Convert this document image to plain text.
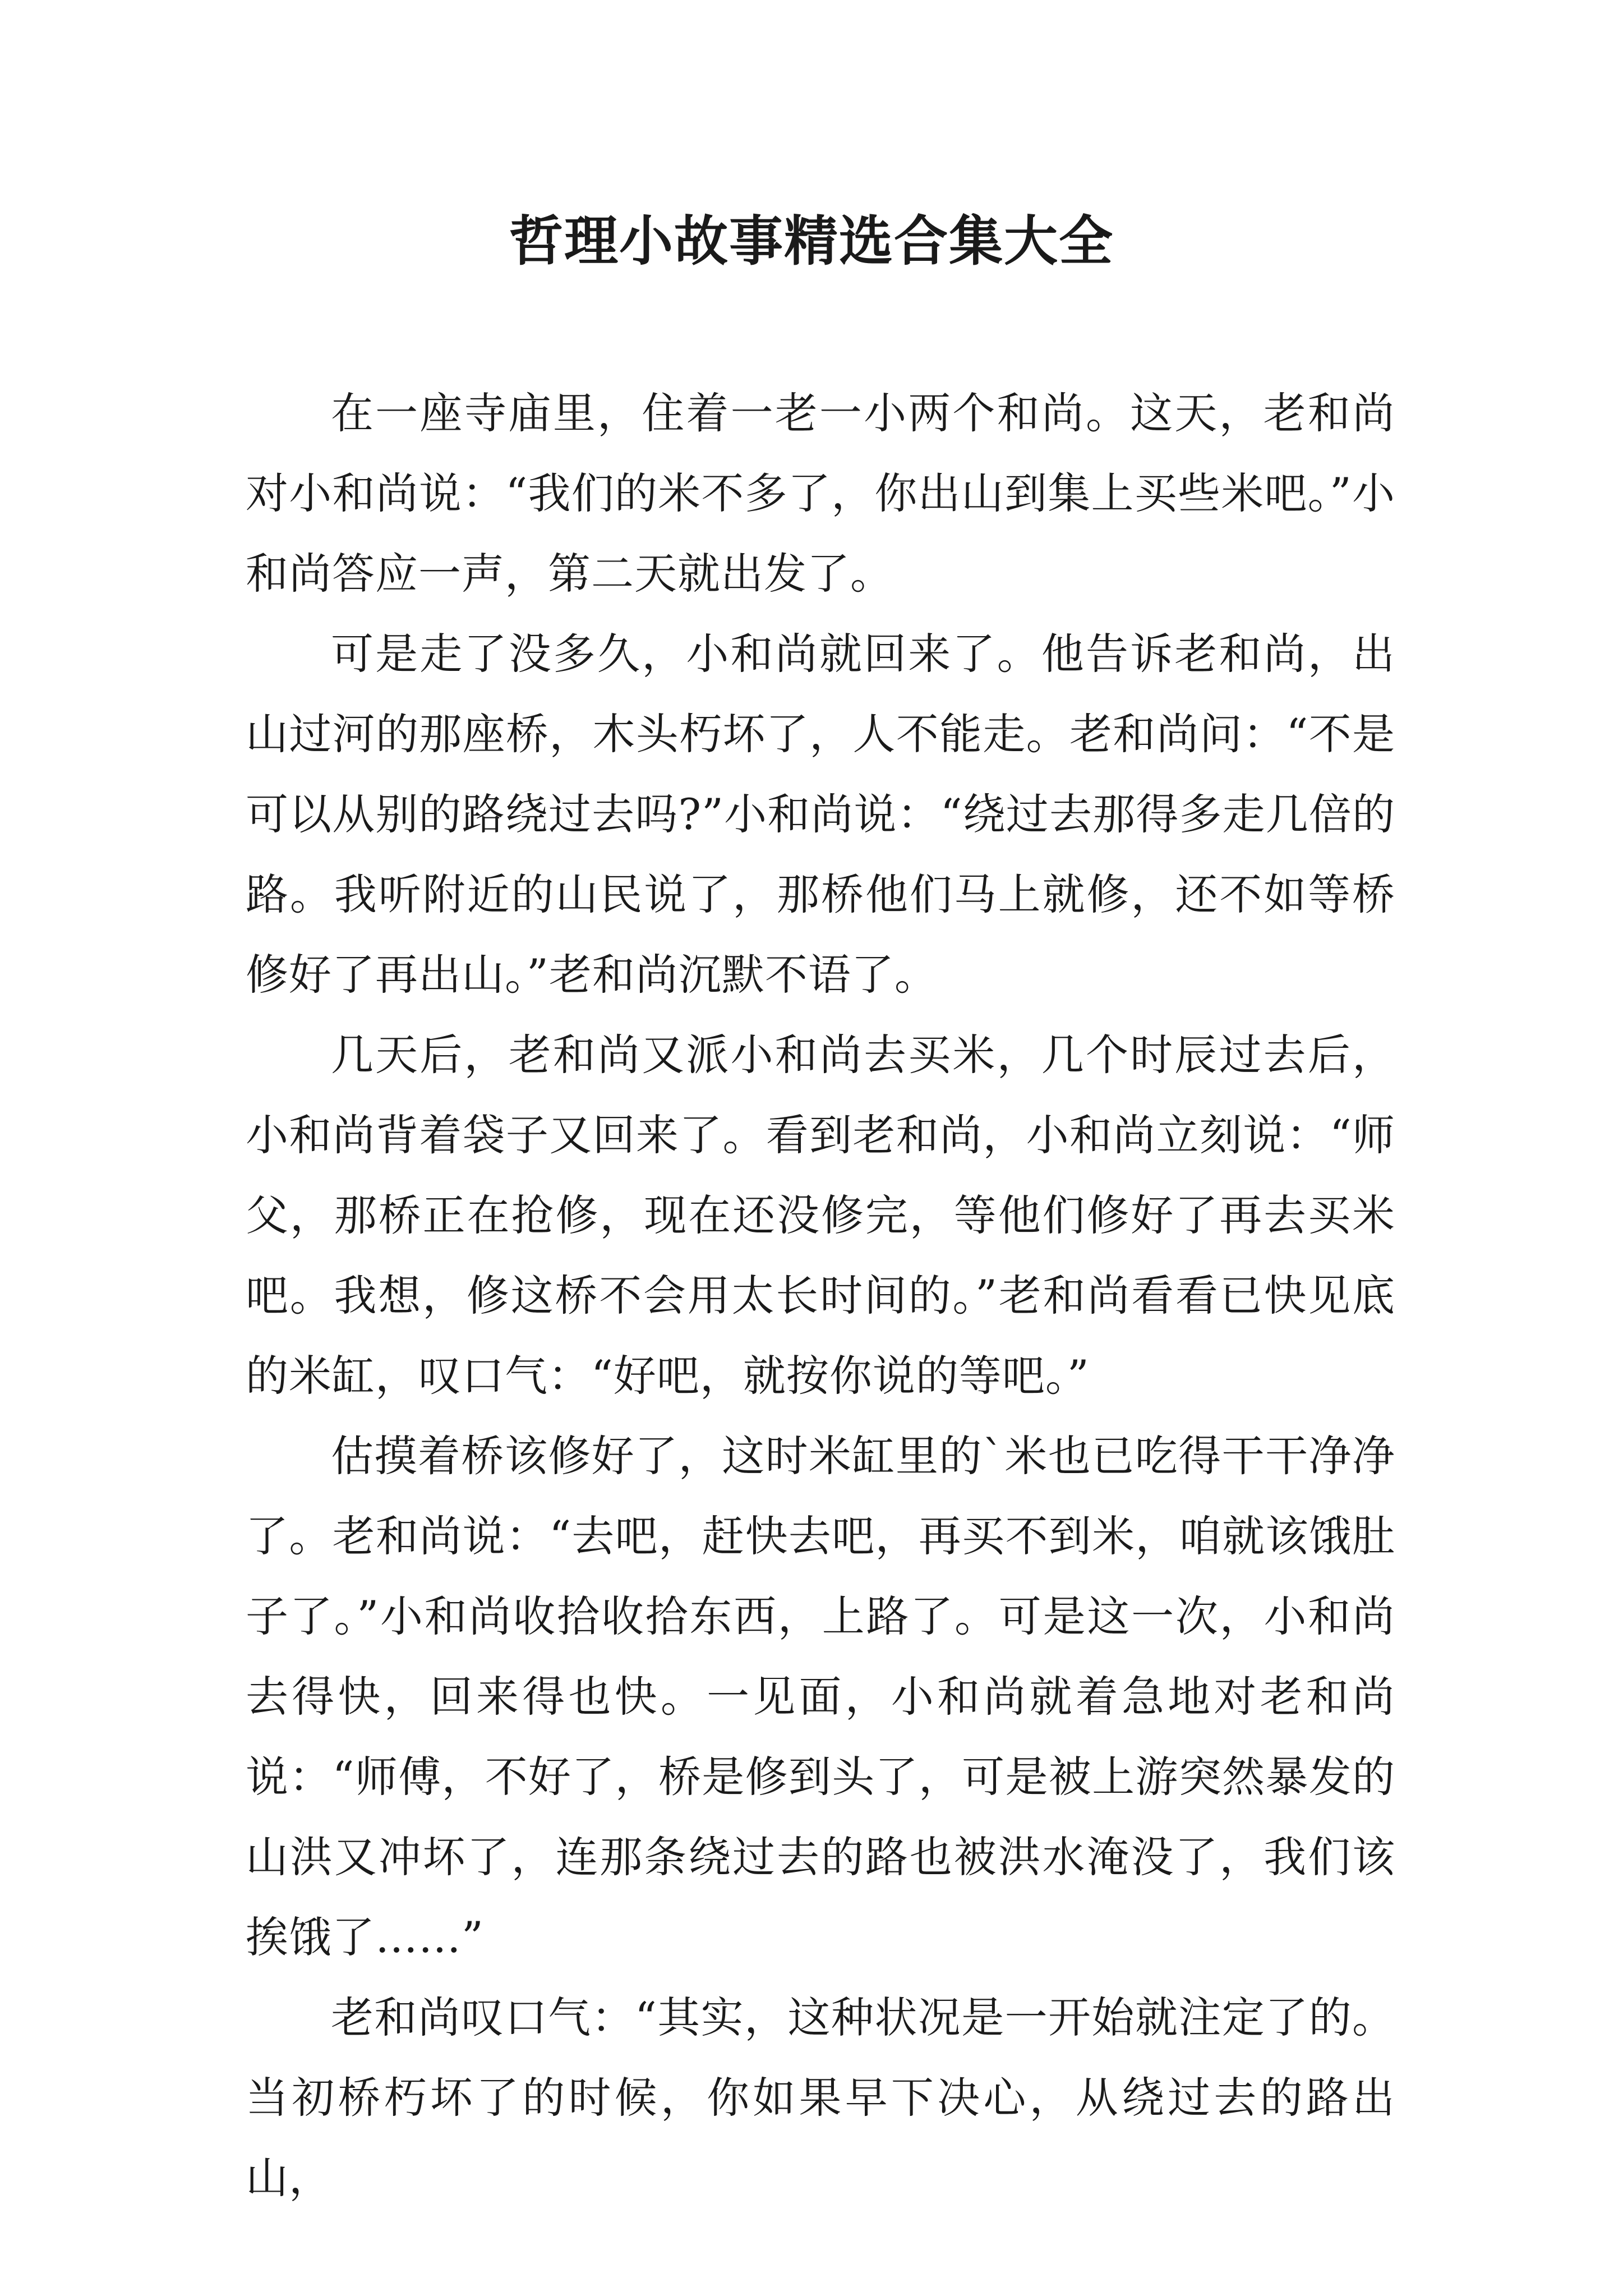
哲理小故事精选合集大全

在一座寺庙里，住着一老一小两个和尚。这天，老和尚对小和尚说：“我们的米不多了，你出山到集上买些米吧。”小和尚答应一声，第二天就出发了。

可是走了没多久，小和尚就回来了。他告诉老和尚，出山过河的那座桥，木头朽坏了，人不能走。老和尚问：“不是可以从别的路绕过去吗?”小和尚说：“绕过去那得多走几倍的路。我听附近的山民说了，那桥他们马上就修，还不如等桥修好了再出山。”老和尚沉默不语了。

几天后，老和尚又派小和尚去买米，几个时辰过去后，小和尚背着袋子又回来了。看到老和尚，小和尚立刻说：“师父，那桥正在抢修，现在还没修完，等他们修好了再去买米吧。我想，修这桥不会用太长时间的。”老和尚看看已快见底的米缸，叹口气：“好吧，就按你说的等吧。”

估摸着桥该修好了，这时米缸里的`米也已吃得干干净净了。老和尚说：“去吧，赶快去吧，再买不到米，咱就该饿肚子了。”小和尚收拾收拾东西，上路了。可是这一次，小和尚去得快，回来得也快。一见面，小和尚就着急地对老和尚说：“师傅，不好了，桥是修到头了，可是被上游突然暴发的山洪又冲坏了，连那条绕过去的路也被洪水淹没了，我们该挨饿了……”

老和尚叹口气：“其实，这种状况是一开始就注定了的。当初桥朽坏了的时候，你如果早下决心，从绕过去的路出山，
